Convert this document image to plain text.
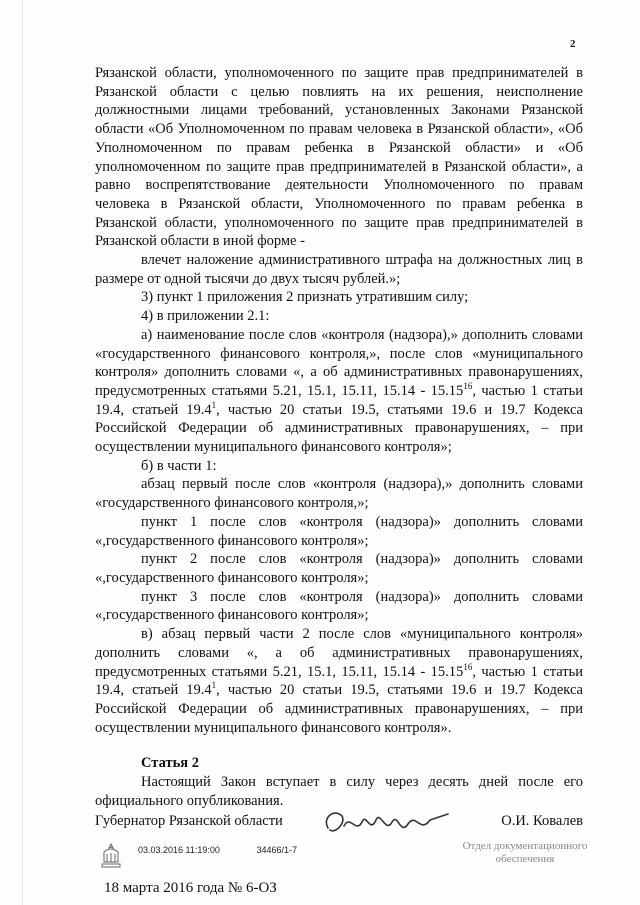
2

Рязанской области, уполномоченного по защите прав предпринимателей в Рязанской области с целью повлиять на их решения, неисполнение должностными лицами требований, установленных Законами Рязанской области «Об Уполномоченном по правам человека в Рязанской области», «Об Уполномоченном по правам ребенка в Рязанской области» и «Об уполномоченном по защите прав предпринимателей в Рязанской области», а равно воспрепятствование деятельности Уполномоченного по правам человека в Рязанской области, Уполномоченного по правам ребенка в Рязанской области, уполномоченного по защите прав предпринимателей в Рязанской области в иной форме -

влечет наложение административного штрафа на должностных лиц в размере от одной тысячи до двух тысяч рублей.»;

3) пункт 1 приложения 2 признать утратившим силу;

4) в приложении 2.1:

а) наименование после слов «контроля (надзора),» дополнить словами «государственного финансового контроля,», после слов «муниципального контроля» дополнить словами «, а об административных правонарушениях, предусмотренных статьями 5.21, 15.1, 15.11, 15.14 - 15.15$^{16}$, частью 1 статьи 19.4, статьей 19.4$^1$, частью 20 статьи 19.5, статьями 19.6 и 19.7 Кодекса Российской Федерации об административных правонарушениях, – при осуществлении муниципального финансового контроля»;

б) в части 1:

абзац первый после слов «контроля (надзора),» дополнить словами «государственного финансового контроля,»;

пункт 1 после слов «контроля (надзора)» дополнить словами «,государственного финансового контроля»;

пункт 2 после слов «контроля (надзора)» дополнить словами «,государственного финансового контроля»;

пункт 3 после слов «контроля (надзора)» дополнить словами «,государственного финансового контроля»;

в) абзац первый части 2 после слов «муниципального контроля» дополнить словами «, а об административных правонарушениях, предусмотренных статьями 5.21, 15.1, 15.11, 15.14 - 15.15$^{16}$, частью 1 статьи 19.4, статьей 19.4$^1$, частью 20 статьи 19.5, статьями 19.6 и 19.7 Кодекса Российской Федерации об административных правонарушениях, – при осуществлении муниципального финансового контроля».

Статья 2

Настоящий Закон вступает в силу через десять дней после его официального опубликования.

Губернатор Рязанской области	О.И. Ковалев
03.03.2016 11:19:00	34466/1-7	Отдел документационного
обеспечения
18 марта 2016 года № 6-ОЗ
